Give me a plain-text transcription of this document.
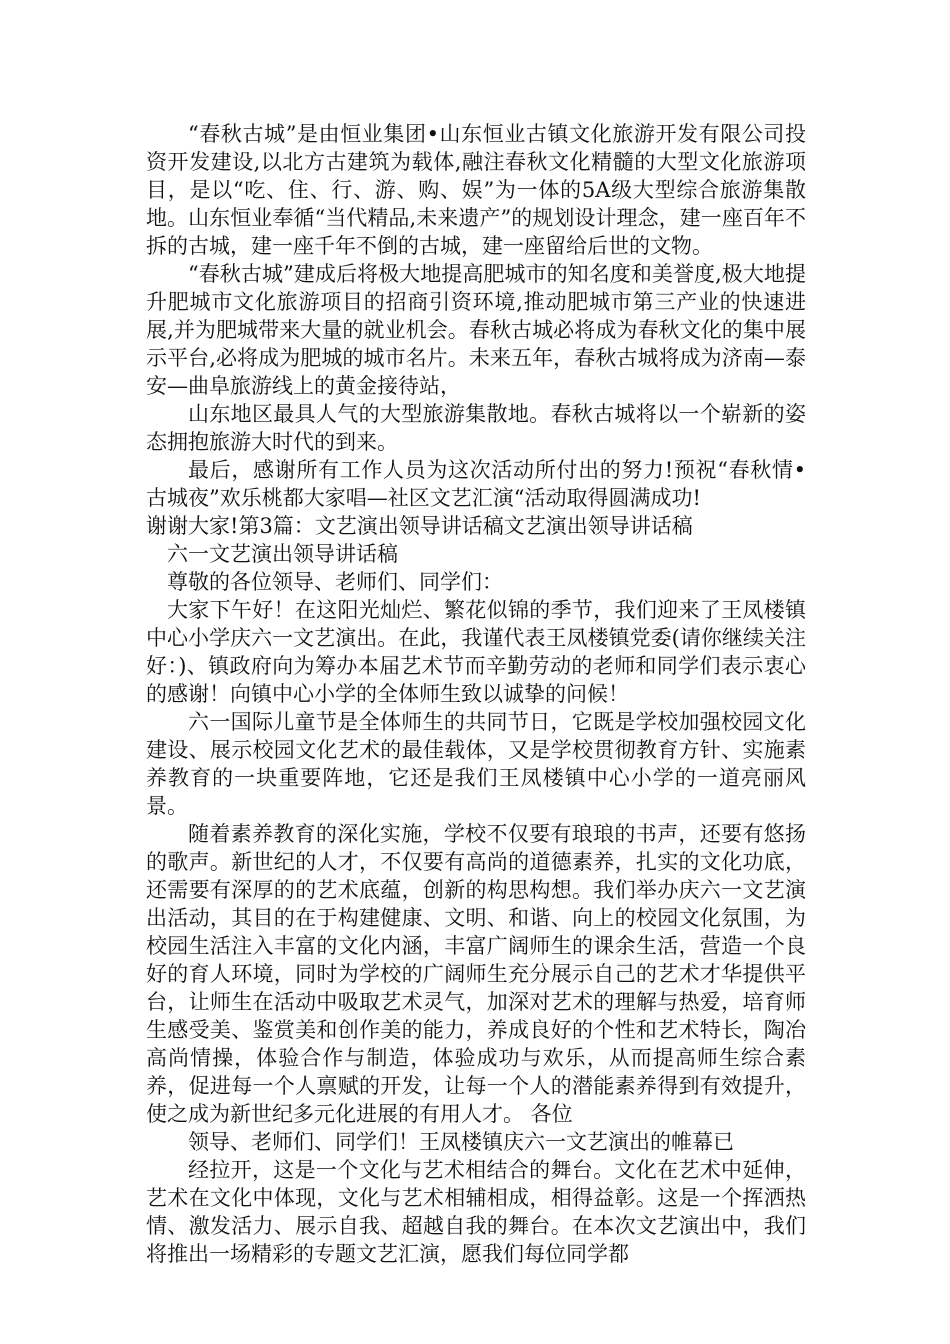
“春秋古城”是由恒业集团•山东恒业古镇文化旅游开发有限公司投资开发建设,以北方古建筑为载体,融注春秋文化精髓的大型文化旅游项目，是以“吃、住、行、游、购、娱”为一体的5A级大型综合旅游集散地。山东恒业奉循“当代精品,未来遗产”的规划设计理念，建一座百年不拆的古城，建一座千年不倒的古城，建一座留给后世的文物。

“春秋古城”建成后将极大地提高肥城市的知名度和美誉度,极大地提升肥城市文化旅游项目的招商引资环境,推动肥城市第三产业的快速进展,并为肥城带来大量的就业机会。春秋古城必将成为春秋文化的集中展示平台,必将成为肥城的城市名片。未来五年，春秋古城将成为济南—泰安—曲阜旅游线上的黄金接待站，

山东地区最具人气的大型旅游集散地。春秋古城将以一个崭新的姿态拥抱旅游大时代的到来。

最后，感谢所有工作人员为这次活动所付出的努力!预祝“春秋情•古城夜”欢乐桃都大家唱—社区文艺汇演“活动取得圆满成功!

谢谢大家!第3篇：文艺演出领导讲话稿文艺演出领导讲话稿

六一文艺演出领导讲话稿

尊敬的各位领导、老师们、同学们：

大家下午好！在这阳光灿烂、繁花似锦的季节，我们迎来了王凤楼镇中心小学庆六一文艺演出。在此，我谨代表王凤楼镇党委(请你继续关注好：)、镇政府向为筹办本届艺术节而辛勤劳动的老师和同学们表示衷心的感谢！向镇中心小学的全体师生致以诚挚的问候！

六一国际儿童节是全体师生的共同节日，它既是学校加强校园文化建设、展示校园文化艺术的最佳载体，又是学校贯彻教育方针、实施素养教育的一块重要阵地，它还是我们王凤楼镇中心小学的一道亮丽风景。

随着素养教育的深化实施，学校不仅要有琅琅的书声，还要有悠扬的歌声。新世纪的人才，不仅要有高尚的道德素养，扎实的文化功底，还需要有深厚的的艺术底蕴，创新的构思构想。我们举办庆六一文艺演出活动，其目的在于构建健康、文明、和谐、向上的校园文化氛围，为校园生活注入丰富的文化内涵，丰富广阔师生的课余生活，营造一个良好的育人环境，同时为学校的广阔师生充分展示自己的艺术才华提供平台，让师生在活动中吸取艺术灵气，加深对艺术的理解与热爱，培育师生感受美、鉴赏美和创作美的能力，养成良好的个性和艺术特长，陶冶高尚情操，体验合作与制造，体验成功与欢乐，从而提高师生综合素养，促进每一个人禀赋的开发，让每一个人的潜能素养得到有效提升，使之成为新世纪多元化进展的有用人才。 各位

领导、老师们、同学们！王凤楼镇庆六一文艺演出的帷幕已

经拉开，这是一个文化与艺术相结合的舞台。文化在艺术中延伸，艺术在文化中体现，文化与艺术相辅相成，相得益彰。这是一个挥洒热情、激发活力、展示自我、超越自我的舞台。在本次文艺演出中，我们将推出一场精彩的专题文艺汇演，愿我们每位同学都
